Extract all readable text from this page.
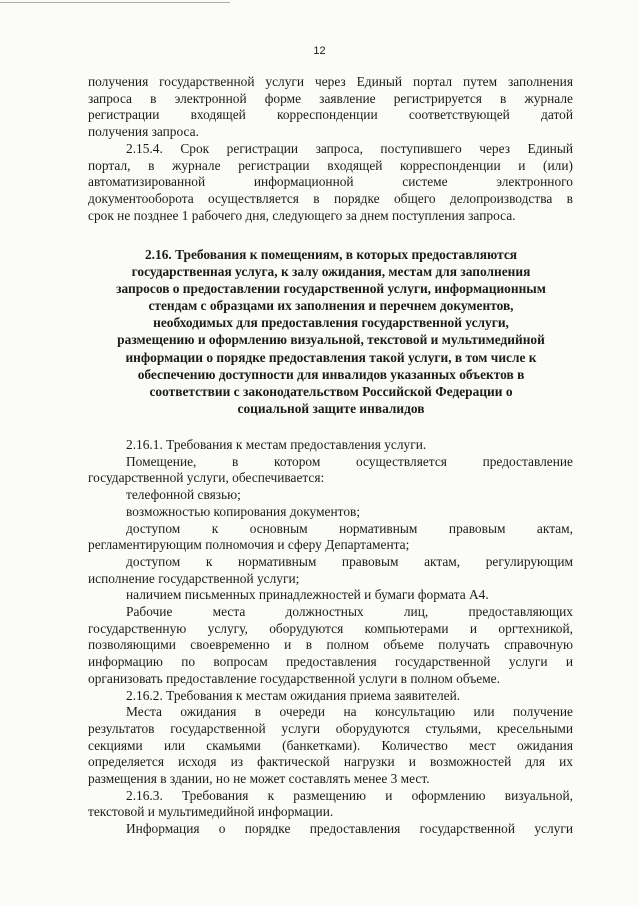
12

получения государственной услуги через Единый портал путем заполнения

запроса в электронной форме заявление регистрируется в журнале

регистрации входящей корреспонденции соответствующей датой

получения запроса.

2.15.4. Срок регистрации запроса, поступившего через Единый

портал, в журнале регистрации входящей корреспонденции и (или)

автоматизированной информационной системе электронного

документооборота осуществляется в порядке общего делопроизводства в

срок не позднее 1 рабочего дня, следующего за днем поступления запроса.

2.16. Требования к помещениям, в которых предоставляются
государственная услуга, к залу ожидания, местам для заполнения
запросов о предоставлении государственной услуги, информационным
стендам с образцами их заполнения и перечнем документов,
необходимых для предоставления государственной услуги,
размещению и оформлению визуальной, текстовой и мультимедийной
информации о порядке предоставления такой услуги, в том числе к
обеспечению доступности для инвалидов указанных объектов в
соответствии с законодательством Российской Федерации о
социальной защите инвалидов

2.16.1. Требования к местам предоставления услуги.

Помещение, в котором осуществляется предоставление

государственной услуги, обеспечивается:

телефонной связью;

возможностью копирования документов;

доступом к основным нормативным правовым актам,

регламентирующим полномочия и сферу Департамента;

доступом к нормативным правовым актам, регулирующим

исполнение государственной услуги;

наличием письменных принадлежностей и бумаги формата А4.

Рабочие места должностных лиц, предоставляющих

государственную услугу, оборудуются компьютерами и оргтехникой,

позволяющими своевременно и в полном объеме получать справочную

информацию по вопросам предоставления государственной услуги и

организовать предоставление государственной услуги в полном объеме.

2.16.2. Требования к местам ожидания приема заявителей.

Места ожидания в очереди на консультацию или получение

результатов государственной услуги оборудуются стульями, кресельными

секциями или скамьями (банкетками). Количество мест ожидания

определяется исходя из фактической нагрузки и возможностей для их

размещения в здании, но не может составлять менее 3 мест.

2.16.3. Требования к размещению и оформлению визуальной,

текстовой и мультимедийной информации.

Информация о порядке предоставления государственной услуги
